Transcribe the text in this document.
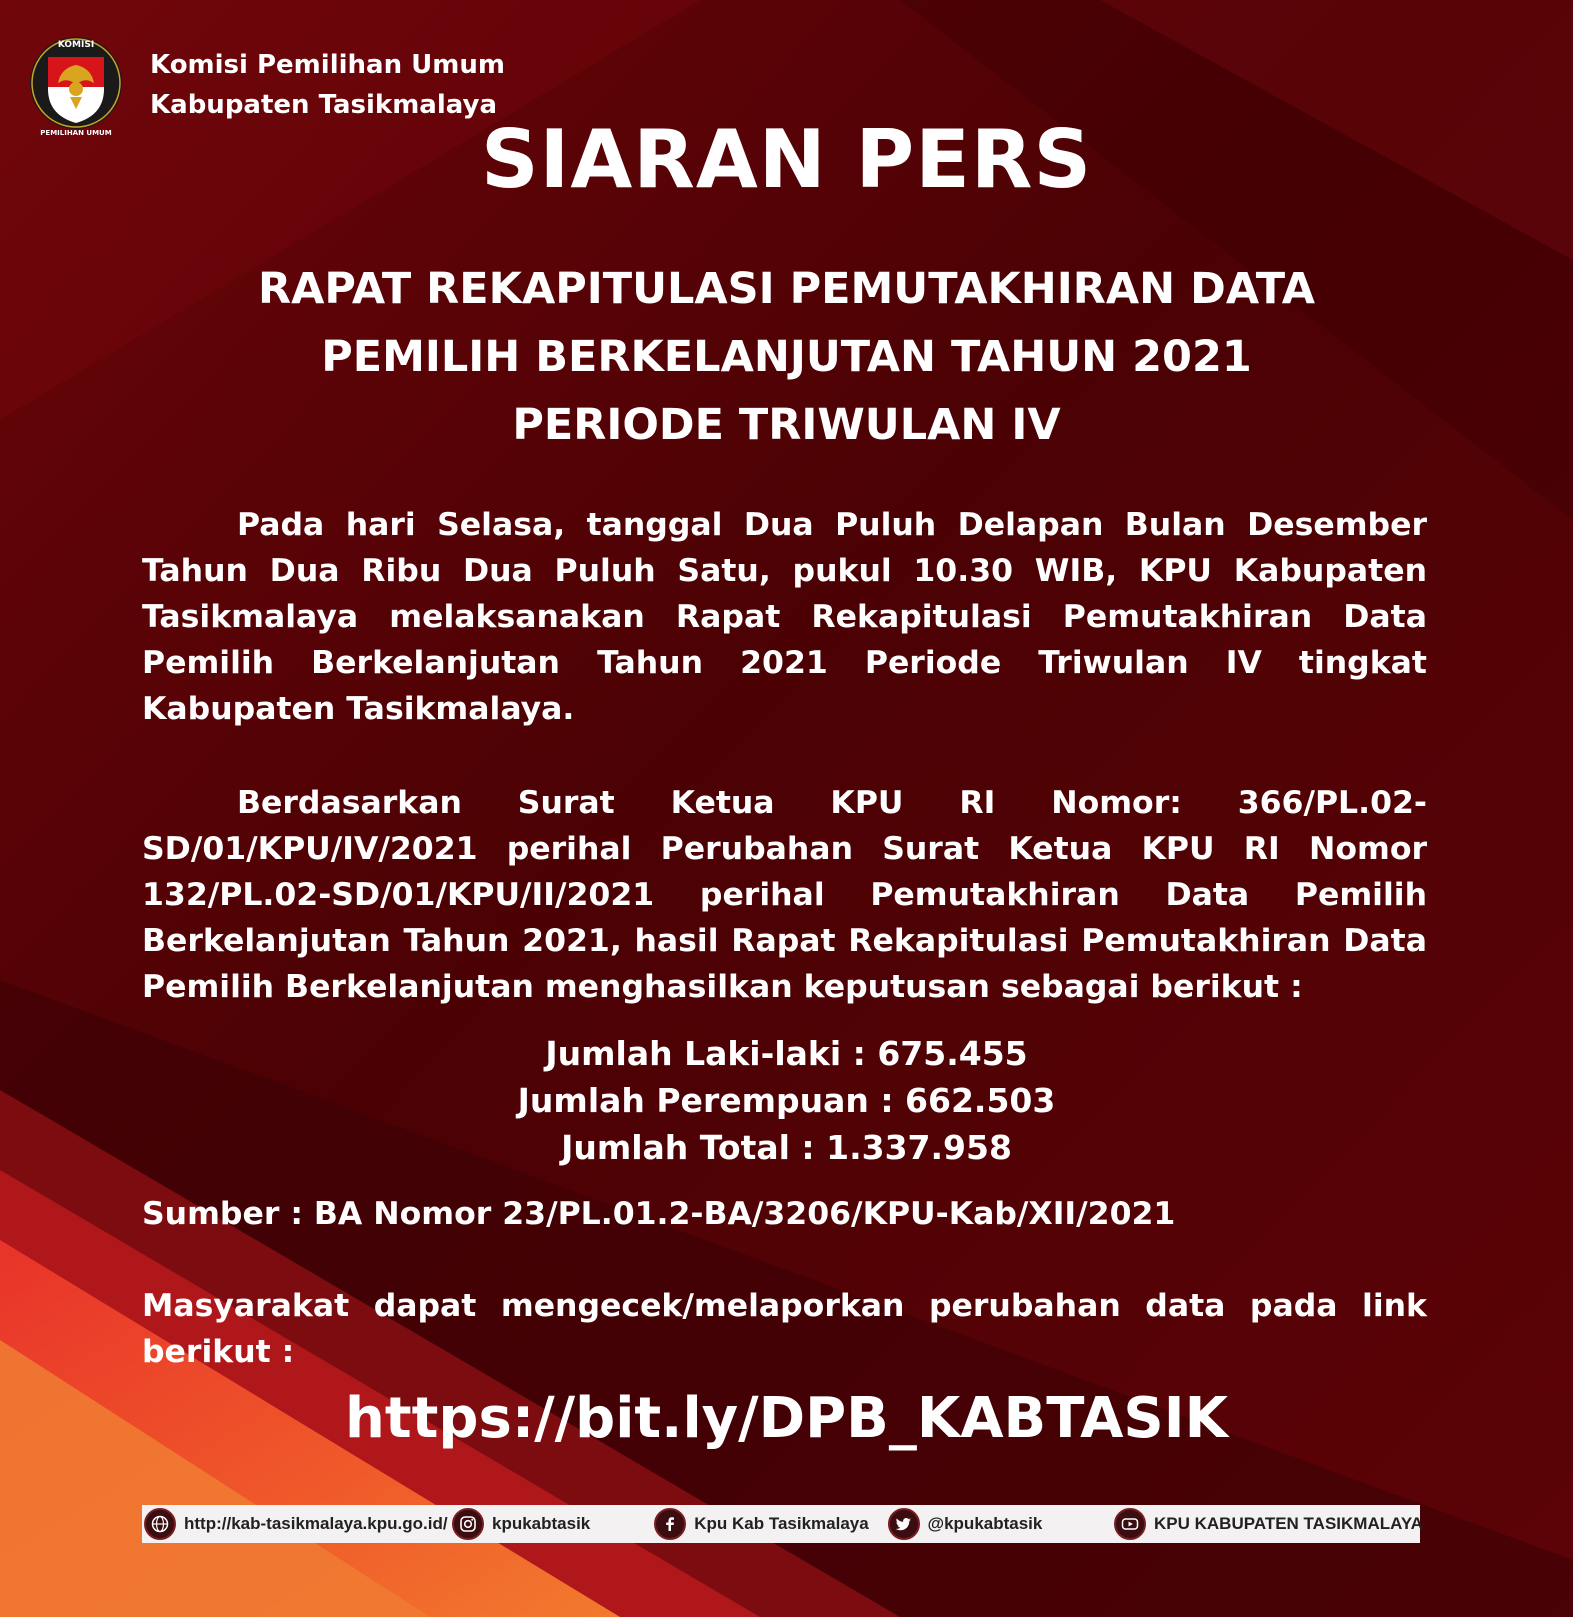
KOMISI
PEMILIHAN UMUM
Komisi Pemilihan Umum
Kabupaten Tasikmalaya
SIARAN PERS
RAPAT REKAPITULASI PEMUTAKHIRAN DATA
PEMILIH BERKELANJUTAN TAHUN 2021
PERIODE TRIWULAN IV

Pada hari Selasa, tanggal Dua Puluh Delapan Bulan Desember Tahun Dua Ribu Dua Puluh Satu, pukul 10.30 WIB, KPU Kabupaten Tasikmalaya melaksanakan Rapat Rekapitulasi Pemutakhiran Data Pemilih Berkelanjutan Tahun 2021 Periode Triwulan IV tingkat Kabupaten Tasikmalaya.

Berdasarkan Surat Ketua KPU RI Nomor: 366/PL.02-SD/01/KPU/IV/2021 perihal Perubahan Surat Ketua KPU RI Nomor 132/PL.02-SD/01/KPU/II/2021 perihal Pemutakhiran Data Pemilih Berkelanjutan Tahun 2021, hasil Rapat Rekapitulasi Pemutakhiran Data Pemilih Berkelanjutan menghasilkan keputusan sebagai berikut :

Jumlah Laki-laki : 675.455
Jumlah Perempuan : 662.503
Jumlah Total : 1.337.958
Sumber : BA Nomor 23/PL.01.2-BA/3206/KPU-Kab/XII/2021

Masyarakat dapat mengecek/melaporkan perubahan data pada link berikut :

https://bit.ly/DPB_KABTASIK
http://kab-tasikmalaya.kpu.go.id/	kpukabtasik	Kpu Kab Tasikmalaya	@kpukabtasik	KPU KABUPATEN TASIKMALAYA
